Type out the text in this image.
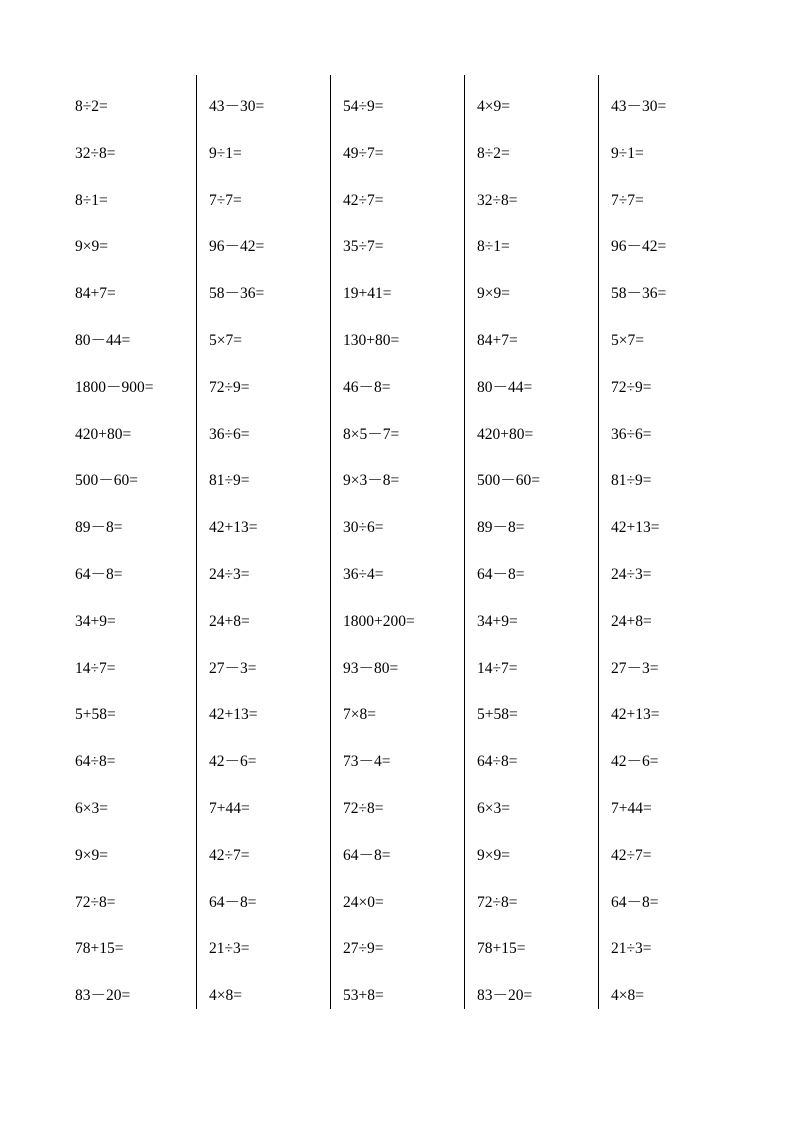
8÷2=
32÷8=
8÷1=
9×9=
84+7=
80－44=
1800－900=
420+80=
500－60=
89－8=
64－8=
34+9=
14÷7=
5+58=
64÷8=
6×3=
9×9=
72÷8=
78+15=
83－20=
43－30=
9÷1=
7÷7=
96－42=
58－36=
5×7=
72÷9=
36÷6=
81÷9=
42+13=
24÷3=
24+8=
27－3=
42+13=
42－6=
7+44=
42÷7=
64－8=
21÷3=
4×8=
54÷9=
49÷7=
42÷7=
35÷7=
19+41=
130+80=
46－8=
8×5－7=
9×3－8=
30÷6=
36÷4=
1800+200=
93－80=
7×8=
73－4=
72÷8=
64－8=
24×0=
27÷9=
53+8=
4×9=
8÷2=
32÷8=
8÷1=
9×9=
84+7=
80－44=
420+80=
500－60=
89－8=
64－8=
34+9=
14÷7=
5+58=
64÷8=
6×3=
9×9=
72÷8=
78+15=
83－20=
43－30=
9÷1=
7÷7=
96－42=
58－36=
5×7=
72÷9=
36÷6=
81÷9=
42+13=
24÷3=
24+8=
27－3=
42+13=
42－6=
7+44=
42÷7=
64－8=
21÷3=
4×8=
